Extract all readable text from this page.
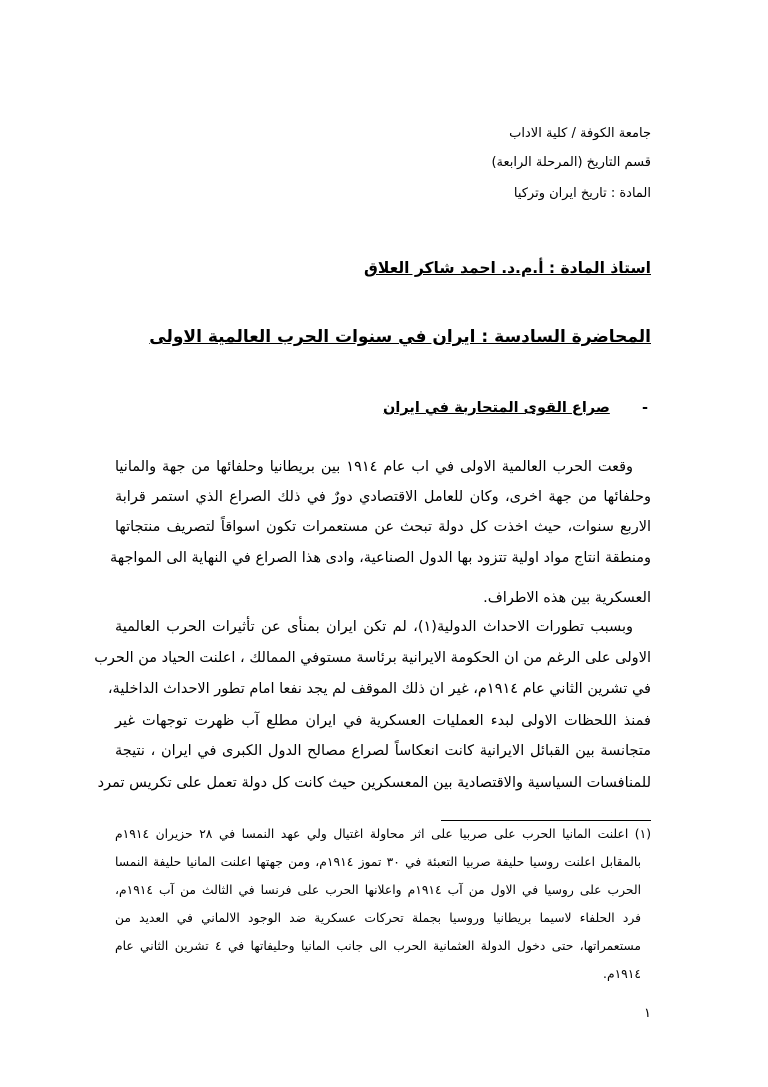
جامعة الكوفة / كلية الاداب
قسم التاريخ (المرحلة الرابعة)
المادة : تاريخ ايران وتركيا
استاذ المادة : أ.م.د. احمد شاكر العلاق
المحاضرة السادسة : ايران في سنوات الحرب العالمية الاولى
-  صراع القوى المتحاربة في ايران
وقعت الحرب العالمية الاولى في اب عام ١٩١٤ بين بريطانيا وحلفائها من جهة والمانيا
وحلفائها من جهة اخرى، وكان للعامل الاقتصادي دورٌ في ذلك الصراع الذي استمر قرابة
الاربع سنوات، حيث اخذت كل دولة تبحث عن مستعمرات تكون اسواقاً لتصريف منتجاتها
ومنطقة انتاج مواد اولية تتزود بها الدول الصناعية، وادى هذا الصراع في النهاية الى المواجهة
العسكرية بين هذه الاطراف.
وبسبب تطورات الاحداث الدولية(١)، لم تكن ايران بمنأى عن تأثيرات الحرب العالمية
الاولى على الرغم من ان الحكومة الايرانية برئاسة مستوفي الممالك ، اعلنت الحياد من الحرب
في تشرين الثاني عام ١٩١٤م، غير ان ذلك الموقف لم يجد نفعا امام تطور الاحداث الداخلية،
فمنذ اللحظات الاولى لبدء العمليات العسكرية في ايران مطلع آب ظهرت توجهات غير
متجانسة بين القبائل الايرانية كانت انعكاساً لصراع مصالح الدول الكبرى في ايران ، نتيجة
للمنافسات السياسية والاقتصادية بين المعسكرين حيث كانت كل دولة تعمل على تكريس تمرد
(١) اعلنت المانيا الحرب على صربيا على اثر محاولة اغتيال ولي عهد النمسا في ٢٨ حزيران ١٩١٤م
بالمقابل اعلنت روسيا حليفة صربيا التعبئة في ٣٠ تموز ١٩١٤م، ومن جهتها اعلنت المانيا حليفة النمسا
الحرب على روسيا في الاول من آب ١٩١٤م واعلانها الحرب على فرنسا في الثالث من آب ١٩١٤م،
فرد الحلفاء لاسيما بريطانيا وروسيا بجملة تحركات عسكرية ضد الوجود الالماني في العديد من
مستعمراتها، حتى دخول الدولة العثمانية الحرب الى جانب المانيا وحليفاتها في ٤ تشرين الثاني عام
١٩١٤م.
١
